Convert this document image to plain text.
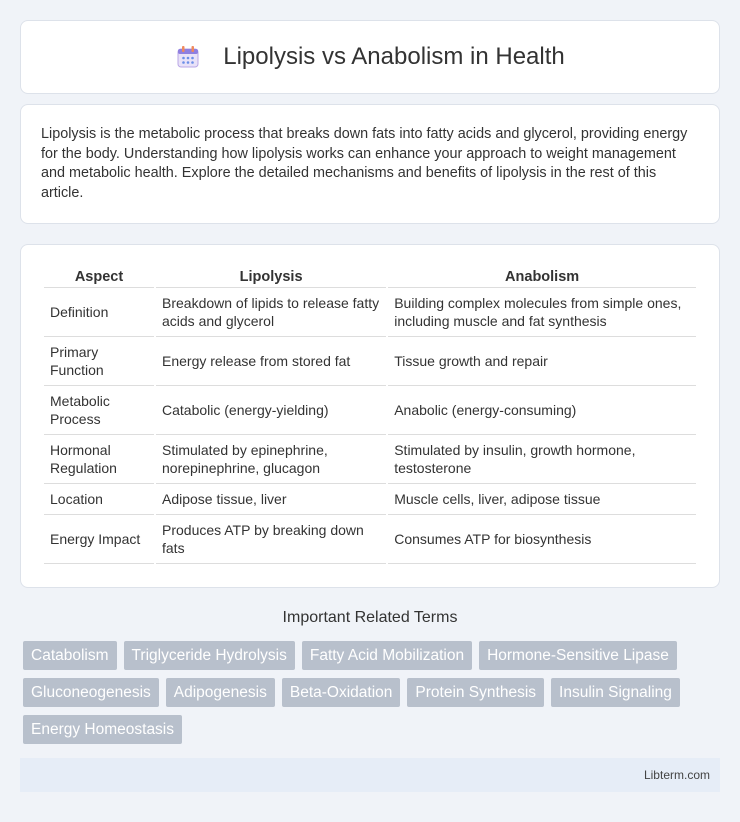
Lipolysis vs Anabolism in Health

Lipolysis is the metabolic process that breaks down fats into fatty acids and glycerol, providing energy for the body. Understanding how lipolysis works can enhance your approach to weight management and metabolic health. Explore the detailed mechanisms and benefits of lipolysis in the rest of this article.

Aspect	Lipolysis	Anabolism
Definition	Breakdown of lipids to release fatty acids and glycerol	Building complex molecules from simple ones, including muscle and fat synthesis
Primary Function	Energy release from stored fat	Tissue growth and repair
Metabolic Process	Catabolic (energy-yielding)	Anabolic (energy-consuming)
Hormonal Regulation	Stimulated by epinephrine, norepinephrine, glucagon	Stimulated by insulin, growth hormone, testosterone
Location	Adipose tissue, liver	Muscle cells, liver, adipose tissue
Energy Impact	Produces ATP by breaking down fats	Consumes ATP for biosynthesis
Important Related Terms
Catabolism	Triglyceride Hydrolysis	Fatty Acid Mobilization	Hormone-Sensitive Lipase
Gluconeogenesis	Adipogenesis	Beta-Oxidation	Protein Synthesis	Insulin Signaling
Energy Homeostasis
Libterm.com
